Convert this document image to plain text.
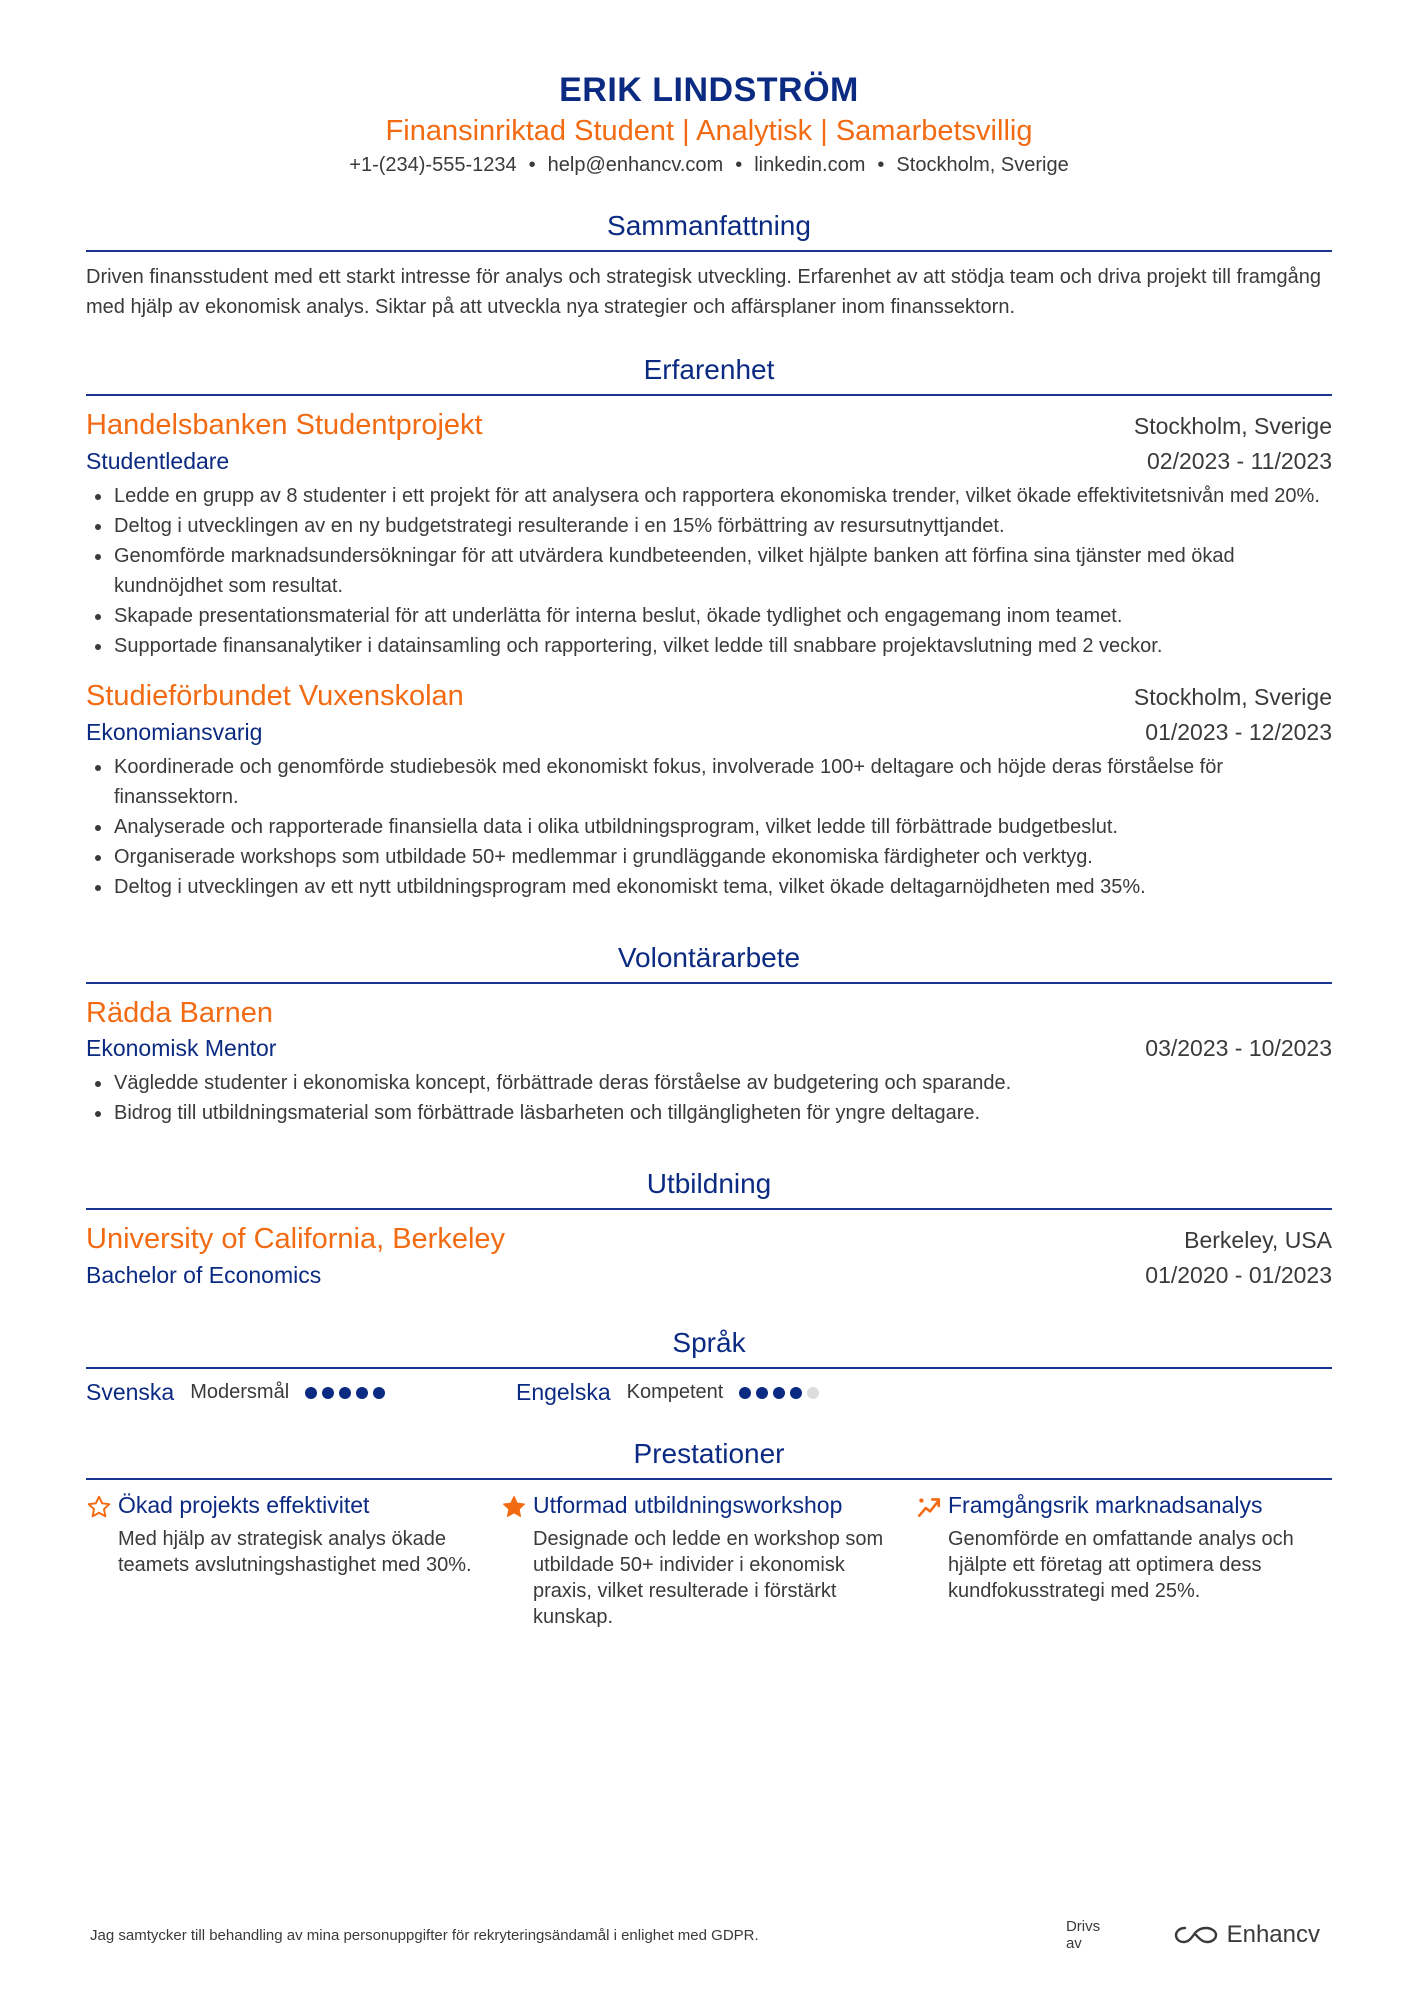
ERIK LINDSTRÖM
Finansinriktad Student | Analytisk | Samarbetsvillig
+1-(234)-555-1234 • help@enhancv.com • linkedin.com • Stockholm, Sverige
Sammanfattning
Driven finansstudent med ett starkt intresse för analys och strategisk utveckling. Erfarenhet av att stödja team och driva projekt till framgång med hjälp av ekonomisk analys. Siktar på att utveckla nya strategier och affärsplaner inom finanssektorn.
Erfarenhet
Handelsbanken Studentprojekt	Stockholm, Sverige
Studentledare	02/2023 - 11/2023
Ledde en grupp av 8 studenter i ett projekt för att analysera och rapportera ekonomiska trender, vilket ökade effektivitetsnivån med 20%.
Deltog i utvecklingen av en ny budgetstrategi resulterande i en 15% förbättring av resursutnyttjandet.
Genomförde marknadsundersökningar för att utvärdera kundbeteenden, vilket hjälpte banken att förfina sina tjänster med ökad kundnöjdhet som resultat.
Skapade presentationsmaterial för att underlätta för interna beslut, ökade tydlighet och engagemang inom teamet.
Supportade finansanalytiker i datainsamling och rapportering, vilket ledde till snabbare projektavslutning med 2 veckor.
Studieförbundet Vuxenskolan	Stockholm, Sverige
Ekonomiansvarig	01/2023 - 12/2023
Koordinerade och genomförde studiebesök med ekonomiskt fokus, involverade 100+ deltagare och höjde deras förståelse för finanssektorn.
Analyserade och rapporterade finansiella data i olika utbildningsprogram, vilket ledde till förbättrade budgetbeslut.
Organiserade workshops som utbildade 50+ medlemmar i grundläggande ekonomiska färdigheter och verktyg.
Deltog i utvecklingen av ett nytt utbildningsprogram med ekonomiskt tema, vilket ökade deltagarnöjdheten med 35%.
Volontärarbete
Rädda Barnen
Ekonomisk Mentor	03/2023 - 10/2023
Vägledde studenter i ekonomiska koncept, förbättrade deras förståelse av budgetering och sparande.
Bidrog till utbildningsmaterial som förbättrade läsbarheten och tillgängligheten för yngre deltagare.
Utbildning
University of California, Berkeley	Berkeley, USA
Bachelor of Economics	01/2020 - 01/2023
Språk
Svenska Modersmål	Engelska Kompetent
Prestationer
Ökad projekts effektivitet
Med hjälp av strategisk analys ökade teamets avslutningshastighet med 30%.
Utformad utbildningsworkshop
Designade och ledde en workshop som utbildade 50+ individer i ekonomisk praxis, vilket resulterade i förstärkt kunskap.
Framgångsrik marknadsanalys
Genomförde en omfattande analys och hjälpte ett företag att optimera dess kundfokusstrategi med 25%.
Jag samtycker till behandling av mina personuppgifter för rekryteringsändamål i enlighet med GDPR.	Drivs av	Enhancv
